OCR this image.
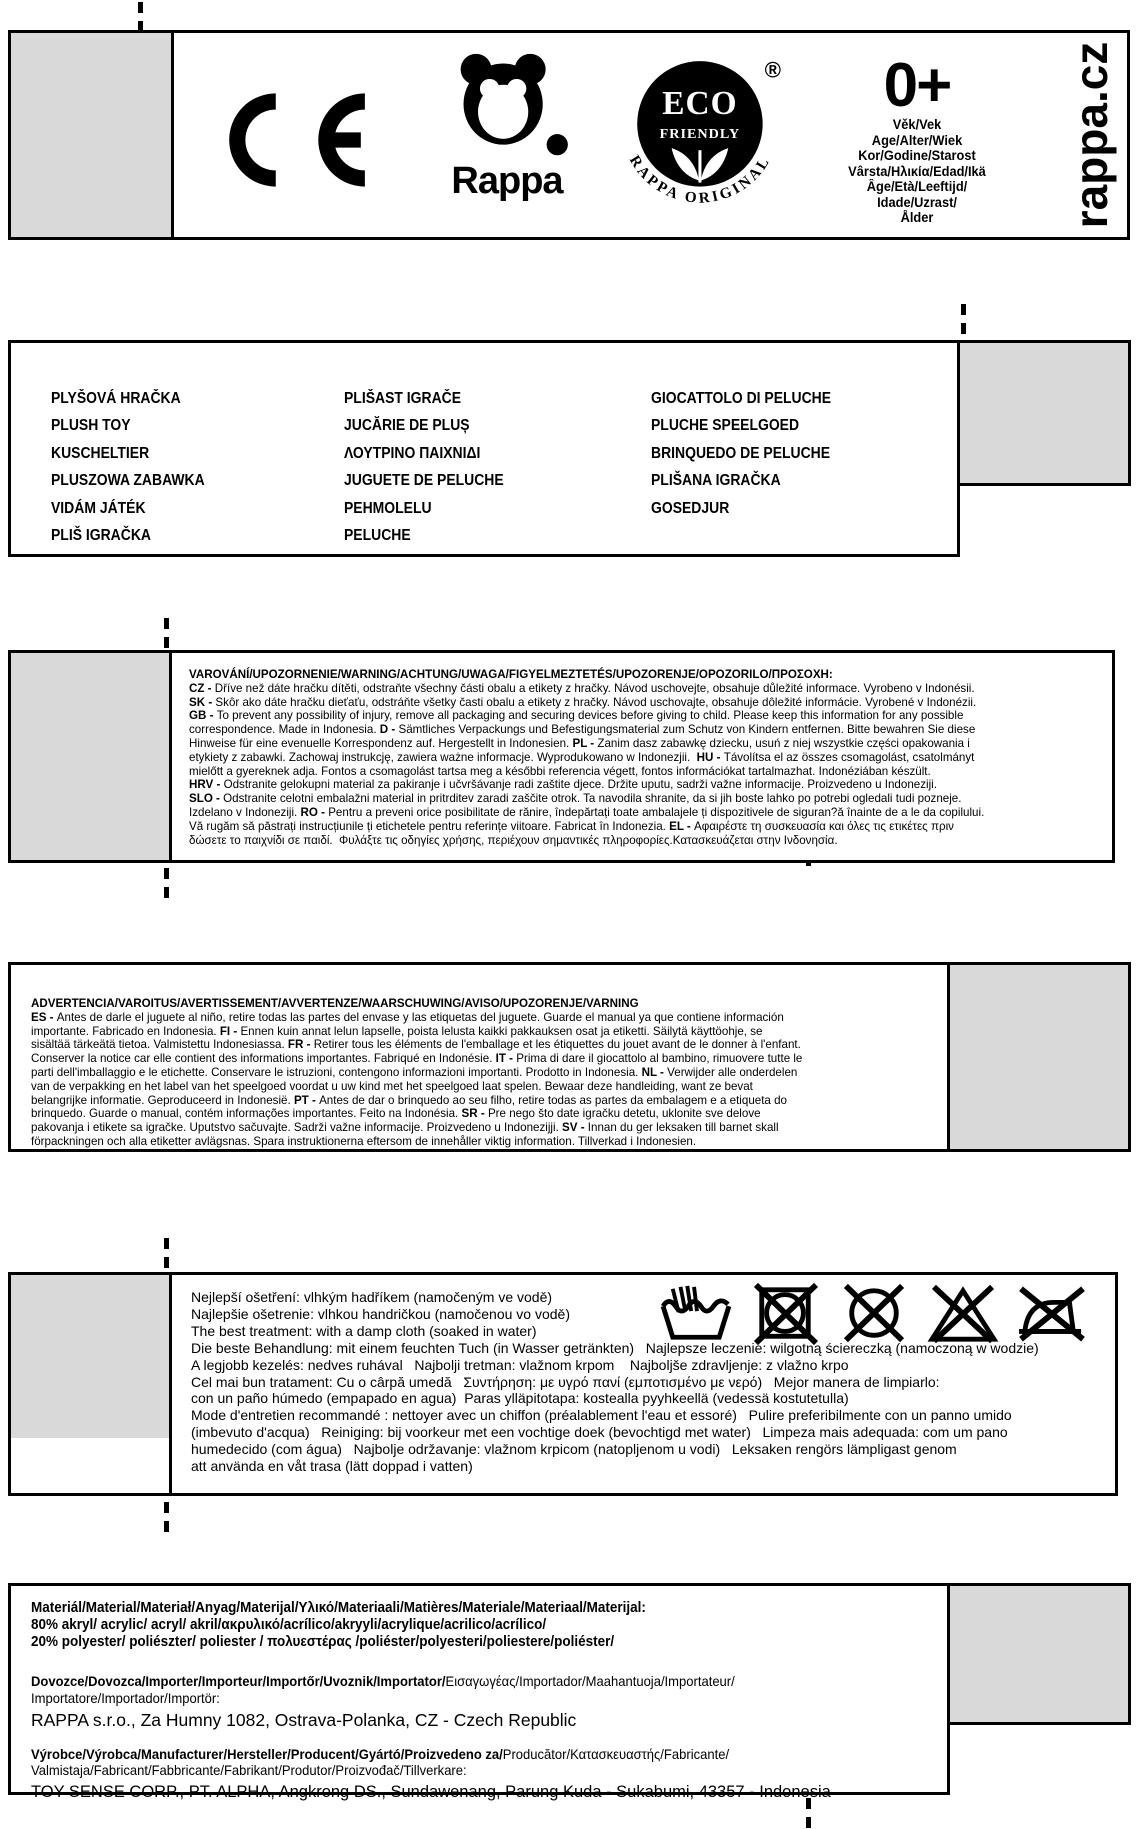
Rappa
ECO
FRIENDLY
RAPPA ORIGINAL
®	0+
Věk/Vek
Age/Alter/Wiek
Kor/Godine/Starost
Vârsta/Ηλικία/Edad/Ikä
Âge/Età/Leeftijd/
Idade/Uzrast/
Ålder	rappa.cz
PLYŠOVÁ HRAČKA
PLUSH TOY
KUSCHELTIER
PLUSZOWA ZABAWKA
VIDÁM JÁTÉK
PLIŠ IGRAČKA
PLIŠAST IGRAČE
JUCĂRIE DE PLUȘ
ΛΟΥΤΡΙΝΟ ΠΑΙΧΝΙΔΙ
JUGUETE DE PELUCHE
PEHMOLELU
PELUCHE
GIOCATTOLO DI PELUCHE
PLUCHE SPEELGOED
BRINQUEDO DE PELUCHE
PLIŠANA IGRAČKA
GOSEDJUR
VAROVÁNÍ/UPOZORNENIE/WARNING/ACHTUNG/UWAGA/FIGYELMEZTETÉS/UPOZORENJE/OPOZORILO/ΠΡΟΣΟΧΗ:
CZ - Dříve než dáte hračku dítěti, odstraňte všechny části obalu a etikety z hračky. Návod uschovejte, obsahuje důležité informace. Vyrobeno v Indonésii.
SK - Skôr ako dáte hračku dieťaťu, odstráňte všetky časti obalu a etikety z hračky. Návod uschovajte, obsahuje dôležité informácie. Vyrobené v Indonézii.
GB - To prevent any possibility of injury, remove all packaging and securing devices before giving to child. Please keep this information for any possible
correspondence. Made in Indonesia. D - Sämtliches Verpackungs und Befestigungsmaterial zum Schutz von Kindern entfernen. Bitte bewahren Sie diese
Hinweise für eine evenuelle Korrespondenz auf. Hergestellt in Indonesien. PL - Zanim dasz zabawkę dziecku, usuń z niej wszystkie części opakowania i
etykiety z zabawki. Zachowaj instrukcję, zawiera ważne informacje. Wyprodukowano w Indonezjii.  HU - Távolítsa el az összes csomagolást, csatolmányt
mielőtt a gyereknek adja. Fontos a csomagolást tartsa meg a későbbi referencia végett, fontos információkat tartalmazhat. Indonéziában készült.
HRV - Odstranite gelokupni material za pakiranje i učvršávanje radi zaštite djece. Držite uputu, sadrži važne informacije. Proizvedeno u Indoneziji.
SLO - Odstranite celotni embalažni material in pritrditev zaradi zaščite otrok. Ta navodila shranite, da si jih boste lahko po potrebi ogledali tudi pozneje.
Izdelano v Indoneziji. RO - Pentru a preveni orice posibilitate de rănire, îndepărtați toate ambalajele ți dispozitivele de siguran?ă înainte de a le da copilului.
Vă rugăm să păstrați instrucțiunile ți etichetele pentru referințe viitoare. Fabricat în Indonezia. EL - Αφαιρέστε τη συσκευασία και όλες τις ετικέτες πριν
δώσετε το παιχνίδι σε παιδί.  Φυλάξτε τις οδηγίες χρήσης, περιέχουν σημαντικές πληροφορίες.Κατασκευάζεται στην Ινδονησία.
ADVERTENCIA/VAROITUS/AVERTISSEMENT/AVVERTENZE/WAARSCHUWING/AVISO/UPOZORENJE/VARNING
ES - Antes de darle el juguete al niño, retire todas las partes del envase y las etiquetas del juguete. Guarde el manual ya que contiene información
importante. Fabricado en Indonesia. FI - Ennen kuin annat lelun lapselle, poista lelusta kaikki pakkauksen osat ja etiketti. Säilytä käyttöohje, se
sisältää tärkeätä tietoa. Valmistettu Indonesiassa. FR - Retirer tous les éléments de l'emballage et les étiquettes du jouet avant de le donner à l'enfant.
Conserver la notice car elle contient des informations importantes. Fabriqué en Indonésie. IT - Prima di dare il giocattolo al bambino, rimuovere tutte le
parti dell'imballaggio e le etichette. Conservare le istruzioni, contengono informazioni importanti. Prodotto in Indonesia. NL - Verwijder alle onderdelen
van de verpakking en het label van het speelgoed voordat u uw kind met het speelgoed laat spelen. Bewaar deze handleiding, want ze bevat
belangrijke informatie. Geproduceerd in Indonesië. PT - Antes de dar o brinquedo ao seu filho, retire todas as partes da embalagem e a etiqueta do
brinquedo. Guarde o manual, contém informações importantes. Feito na Indonésia. SR - Pre nego što date igračku detetu, uklonite sve delove
pakovanja i etikete sa igračke. Uputstvo sačuvajte. Sadrži važne informacije. Proizvedeno u Indonezijji. SV - Innan du ger leksaken till barnet skall
förpackningen och alla etiketter avlägsnas. Spara instruktionerna eftersom de innehåller viktig information. Tillverkad i Indonesien.
Nejlepší ošetření: vlhkým hadříkem (namočeným ve vodě)
Najlepšie ošetrenie: vlhkou handričkou (namočenou vo vodě)
The best treatment: with a damp cloth (soaked in water)
Die beste Behandlung: mit einem feuchten Tuch (in Wasser getränkten)   Najlepsze leczenie: wilgotną ściereczką (namoczoną w wodzie)
A legjobb kezelés: nedves ruhával   Najbolji tretman: vlažnom krpom    Najboljše zdravljenje: z vlažno krpo
Cel mai bun tratament: Cu o cârpă umedă   Συντήρηση: με υγρό πανί (εμποτισμένο με νερό)   Mejor manera de limpiarlo:
con un paño húmedo (empapado en agua)  Paras ylläpitotapa: kostealla pyyhkeellä (vedessä kostutetulla)
Mode d'entretien recommandé : nettoyer avec un chiffon (préalablement l'eau et essoré)   Pulire preferibilmente con un panno umido
(imbevuto d'acqua)   Reiniging: bij voorkeur met een vochtige doek (bevochtigd met water)   Limpeza mais adequada: com um pano
humedecido (com água)   Najbolje održavanje: vlažnom krpicom (natopljenom u vodi)   Leksaken rengörs lämpligast genom
att använda en våt trasa (lätt doppad i vatten)
Materiál/Material/Materiał/Anyag/Materijal/Υλικό/Materiaali/Matières/Materiale/Materiaal/Materijal:
80% akryl/ acrylic/ acryl/ akril/ακρυλικό/acrílico/akryyli/acrylique/acrilico/acrílico/
20% polyester/ poliészter/ poliester / πολυεστέρας /poliéster/polyesteri/poliestere/poliéster/
Dovozce/Dovozca/Importer/Importeur/Importőr/Uvoznik/Importator/Εισαγωγέας/Importador/Maahantuoja/Importateur/
Importatore/Importador/Importör:
RAPPA s.r.o., Za Humny 1082, Ostrava-Polanka, CZ - Czech Republic
Výrobce/Výrobca/Manufacturer/Hersteller/Producent/Gyártó/Proizvedeno za/Producător/Κατασκευαστής/Fabricante/
Valmistaja/Fabricant/Fabbricante/Fabrikant/Produtor/Proizvođač/Tillverkare:
TOY SENSE CORP., PT. ALPHA, Angkrong DS., Sundawenang, Parung Kuda - Sukabumi, 43357 - Indonesia
